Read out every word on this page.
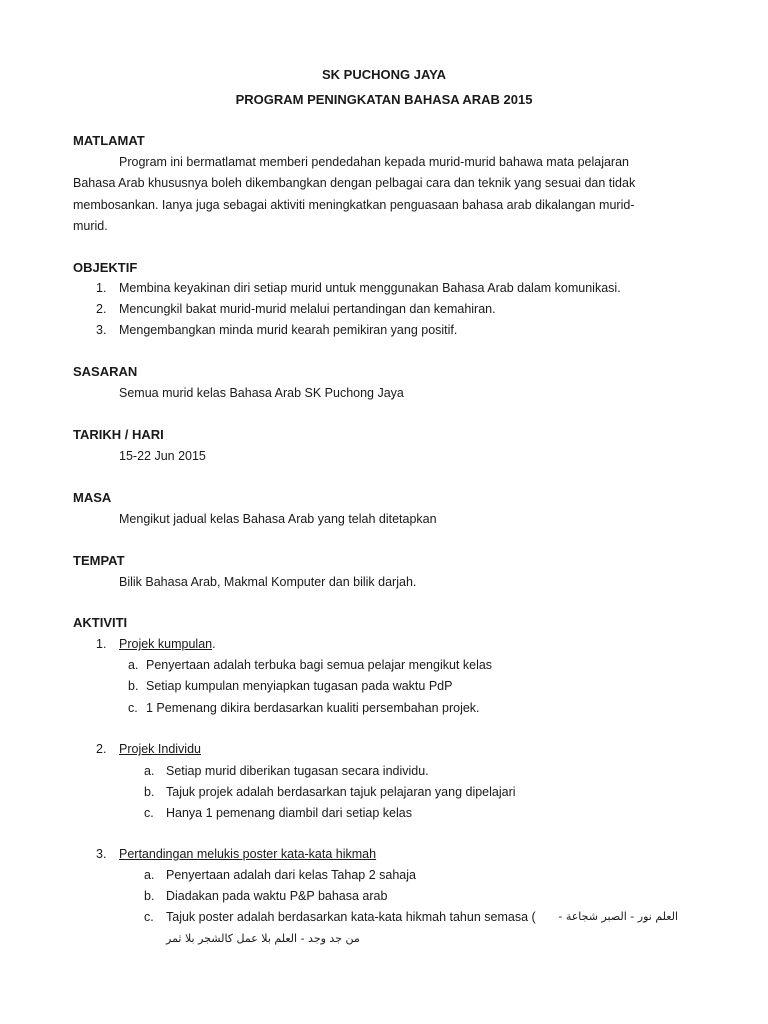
SK PUCHONG JAYA
PROGRAM PENINGKATAN BAHASA ARAB 2015
MATLAMAT
Program ini bermatlamat memberi pendedahan kepada murid-murid bahawa mata pelajaran
Bahasa Arab khususnya boleh dikembangkan dengan pelbagai cara dan teknik yang sesuai dan tidak
membosankan. Ianya juga sebagai aktiviti meningkatkan penguasaan bahasa arab dikalangan murid-
murid.
OBJEKTIF
1. Membina keyakinan diri setiap murid untuk menggunakan Bahasa Arab dalam komunikasi.
2. Mencungkil bakat murid-murid melalui pertandingan dan kemahiran.
3. Mengembangkan minda murid kearah pemikiran yang positif.
SASARAN
Semua murid kelas Bahasa Arab SK Puchong Jaya
TARIKH / HARI
15-22 Jun 2015
MASA
Mengikut jadual kelas Bahasa Arab yang telah ditetapkan
TEMPAT
Bilik Bahasa Arab, Makmal Komputer dan bilik darjah.
AKTIVITI
1. Projek kumpulan.
a. Penyertaan adalah terbuka bagi semua pelajar mengikut kelas
b. Setiap kumpulan menyiapkan tugasan pada waktu PdP
c. 1 Pemenang dikira berdasarkan kualiti persembahan projek.
2. Projek Individu
a. Setiap murid diberikan tugasan secara individu.
b. Tajuk projek adalah berdasarkan tajuk pelajaran yang dipelajari
c. Hanya 1 pemenang diambil dari setiap kelas
3. Pertandingan melukis poster kata-kata hikmah
a. Penyertaan adalah dari kelas Tahap 2 sahaja
b. Diadakan pada waktu P&P bahasa arab
c. Tajuk poster adalah berdasarkan kata-kata hikmah tahun semasa ( العلم نور - الصبر شجاعة -
من جد وجد - العلم بلا عمل كالشجر بلا ثمر
